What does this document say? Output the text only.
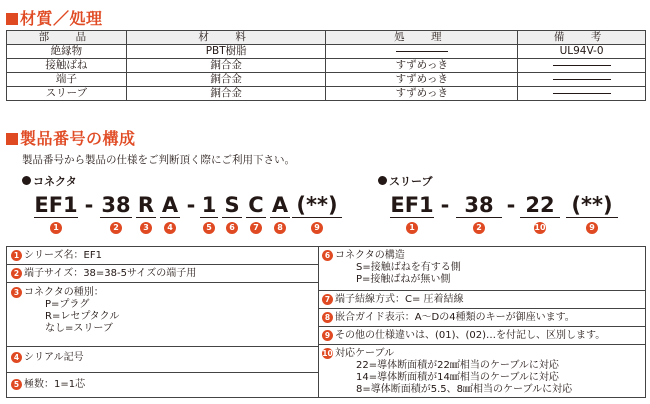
材質／処理
部　品	材　料	処　理	備　考
絶縁物	PBT樹脂		UL94V-0
接触ばね	銅合金	すずめっき	
端子	銅合金	すずめっき	
スリーブ	銅合金	すずめっき	
製品番号の構成
製品番号から製品の仕様をご判断頂く際にご利用下さい。
コネクタ	スリーブ
EF1
1
- 38
2
R
3
A
4
- 1
5
S
6
C
7
A
8
(**)
9
EF1
1
- 38
2
- 22
10
(**)
9
1 シリーズ名：EF1
2 端子サイズ：38=38-5サイズの端子用
3 コネクタの種別：
P=プラグ
R=レセプタクル
なし=スリーブ
4 シリアル記号
5 極数：1=1芯
6 コネクタの構造
S=接触ばねを有する側
P=接触ばねが無い側
7 端子結線方式：C= 圧着結線
8 嵌合ガイド表示：A～Dの4種類のキーが御座います。
9 その他の仕様違いは、(01)、(02)…を付記し、区別します。
10 対応ケーブル
22=導体断面積が22㎟相当のケーブルに対応
14=導体断面積が14㎟相当のケーブルに対応
8=導体断面積が5.5、8㎟相当のケーブルに対応
